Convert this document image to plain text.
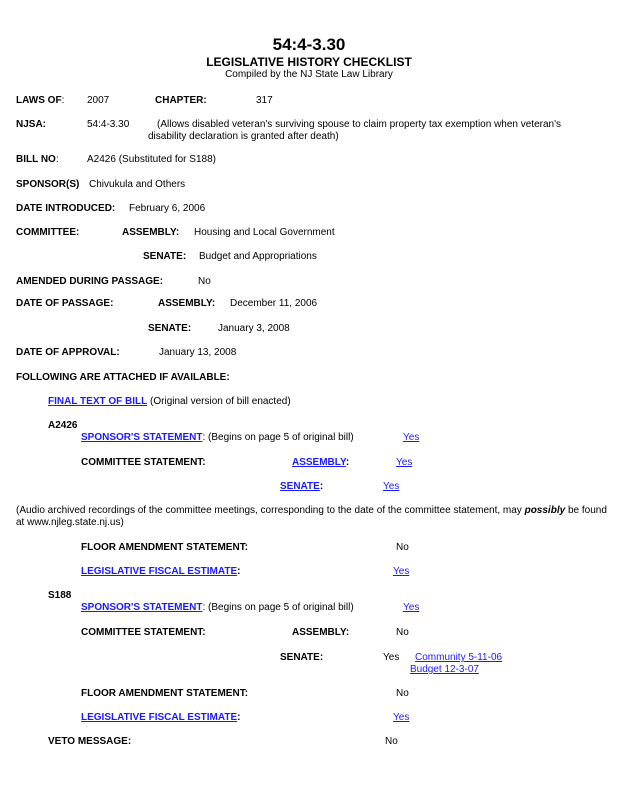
54:4-3.30
LEGISLATIVE HISTORY CHECKLIST
Compiled by the NJ State Law Library
LAWS OF: 2007	CHAPTER:	317
NJSA:	54:4-3.30	(Allows disabled veteran's surviving spouse to claim property tax exemption when veteran's
disability declaration is granted after death)
BILL NO:	A2426 (Substituted for S188)
SPONSOR(S) Chivukula and Others
DATE INTRODUCED: February 6, 2006
COMMITTEE:	ASSEMBLY: Housing and Local Government
SENATE: Budget and Appropriations
AMENDED DURING PASSAGE:	No
DATE OF PASSAGE:	ASSEMBLY: December 11, 2006
SENATE:	January 3, 2008
DATE OF APPROVAL:	January 13, 2008
FOLLOWING ARE ATTACHED IF AVAILABLE:
FINAL TEXT OF BILL (Original version of bill enacted)
A2426
SPONSOR'S STATEMENT: (Begins on page 5 of original bill)	Yes
COMMITTEE STATEMENT:	ASSEMBLY:	Yes
SENATE:	Yes
(Audio archived recordings of the committee meetings, corresponding to the date of the committee statement, may possibly be found
at www.njleg.state.nj.us)
FLOOR AMENDMENT STATEMENT:	No
LEGISLATIVE FISCAL ESTIMATE:	Yes
S188
SPONSOR'S STATEMENT: (Begins on page 5 of original bill)	Yes
COMMITTEE STATEMENT:	ASSEMBLY:	No
SENATE:	Yes Community 5-11-06
Budget 12-3-07
FLOOR AMENDMENT STATEMENT:	No
LEGISLATIVE FISCAL ESTIMATE:	Yes
VETO MESSAGE:	No
